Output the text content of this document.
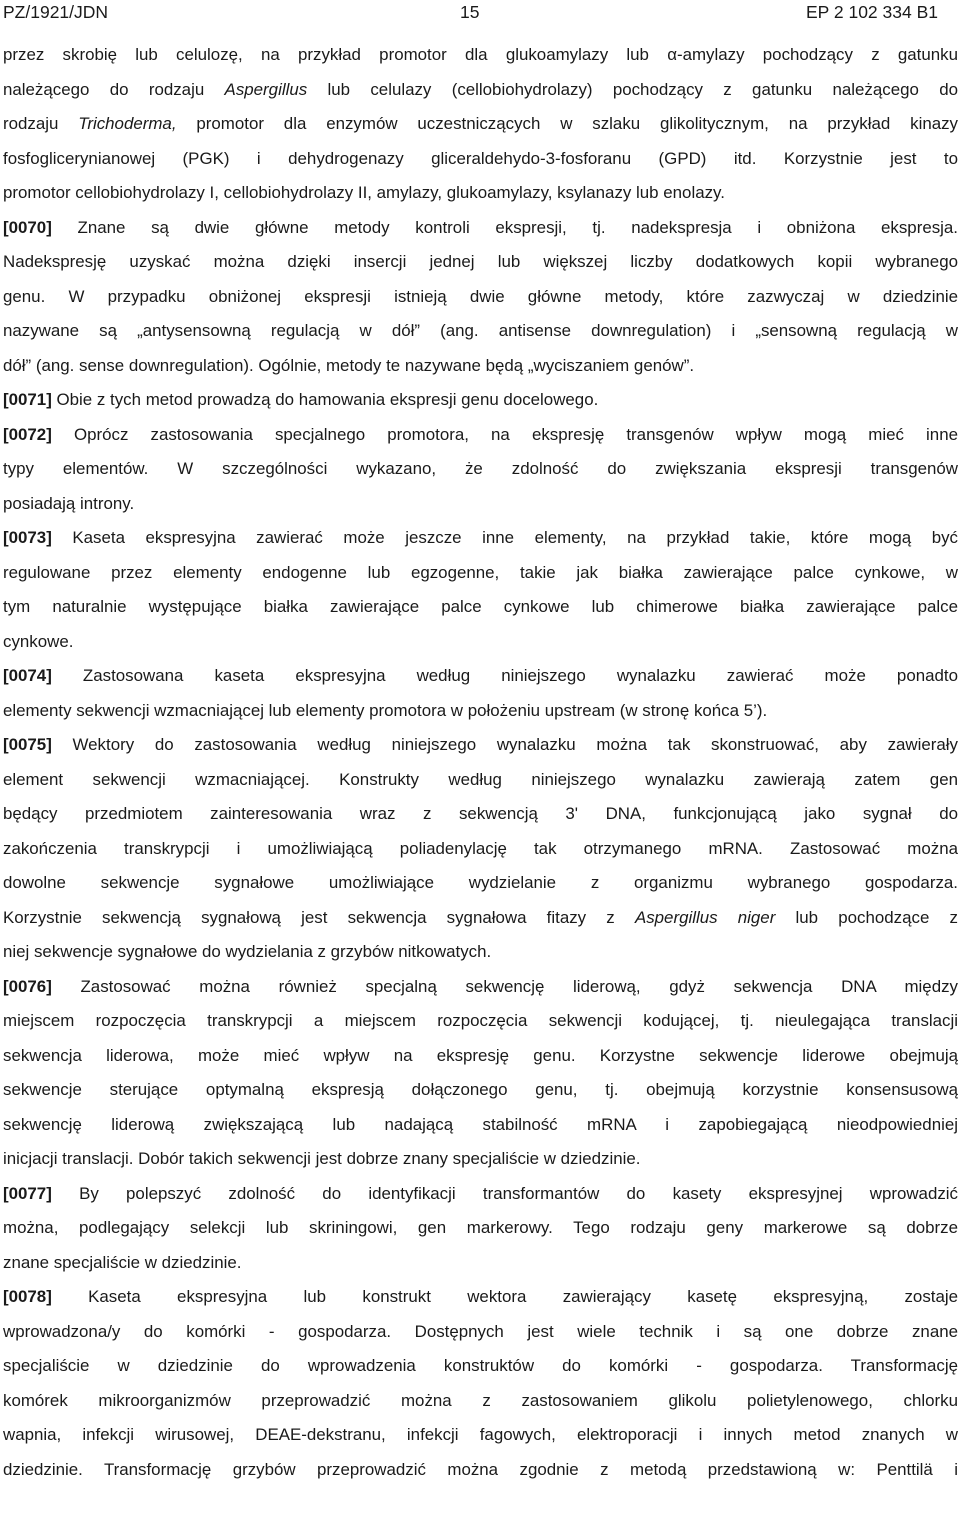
PZ/1921/JDN	15	EP 2 102 334 B1
przez skrobię lub celulozę, na przykład promotor dla glukoamylazy lub α-amylazy pochodzący z gatunku
należącego do rodzaju Aspergillus lub celulazy (cellobiohydrolazy) pochodzący z gatunku należącego do
rodzaju Trichoderma, promotor dla enzymów uczestniczących w szlaku glikolitycznym, na przykład kinazy
fosfoglicerynianowej (PGK) i dehydrogenazy gliceraldehydo-3-fosforanu (GPD) itd. Korzystnie jest to
promotor cellobiohydrolazy I, cellobiohydrolazy II, amylazy, glukoamylazy, ksylanazy lub enolazy.
[0070] Znane są dwie główne metody kontroli ekspresji, tj. nadekspresja i obniżona ekspresja.
Nadekspresję uzyskać można dzięki insercji jednej lub większej liczby dodatkowych kopii wybranego
genu. W przypadku obniżonej ekspresji istnieją dwie główne metody, które zazwyczaj w dziedzinie
nazywane są „antysensowną regulacją w dół” (ang. antisense downregulation) i „sensowną regulacją w
dół” (ang. sense downregulation). Ogólnie, metody te nazywane będą „wyciszaniem genów”.
[0071] Obie z tych metod prowadzą do hamowania ekspresji genu docelowego.
[0072] Oprócz zastosowania specjalnego promotora, na ekspresję transgenów wpływ mogą mieć inne
typy elementów. W szczególności wykazano, że zdolność do zwiększania ekspresji transgenów
posiadają introny.
[0073] Kaseta ekspresyjna zawierać może jeszcze inne elementy, na przykład takie, które mogą być
regulowane przez elementy endogenne lub egzogenne, takie jak białka zawierające palce cynkowe, w
tym naturalnie występujące białka zawierające palce cynkowe lub chimerowe białka zawierające palce
cynkowe.
[0074] Zastosowana kaseta ekspresyjna według niniejszego wynalazku zawierać może ponadto
elementy sekwencji wzmacniającej lub elementy promotora w położeniu upstream (w stronę końca 5’).
[0075] Wektory do zastosowania według niniejszego wynalazku można tak skonstruować, aby zawierały
element sekwencji wzmacniającej. Konstrukty według niniejszego wynalazku zawierają zatem gen
będący przedmiotem zainteresowania wraz z sekwencją 3' DNA, funkcjonującą jako sygnał do
zakończenia transkrypcji i umożliwiającą poliadenylację tak otrzymanego mRNA. Zastosować można
dowolne sekwencje sygnałowe umożliwiające wydzielanie z organizmu wybranego gospodarza.
Korzystnie sekwencją sygnałową jest sekwencja sygnałowa fitazy z Aspergillus niger lub pochodzące z
niej sekwencje sygnałowe do wydzielania z grzybów nitkowatych.
[0076] Zastosować można również specjalną sekwencję liderową, gdyż sekwencja DNA między
miejscem rozpoczęcia transkrypcji a miejscem rozpoczęcia sekwencji kodującej, tj. nieulegająca translacji
sekwencja liderowa, może mieć wpływ na ekspresję genu. Korzystne sekwencje liderowe obejmują
sekwencje sterujące optymalną ekspresją dołączonego genu, tj. obejmują korzystnie konsensusową
sekwencję liderową zwiększającą lub nadającą stabilność mRNA i zapobiegającą nieodpowiedniej
inicjacji translacji. Dobór takich sekwencji jest dobrze znany specjaliście w dziedzinie.
[0077] By polepszyć zdolność do identyfikacji transformantów do kasety ekspresyjnej wprowadzić
można, podlegający selekcji lub skriningowi, gen markerowy. Tego rodzaju geny markerowe są dobrze
znane specjaliście w dziedzinie.
[0078] Kaseta ekspresyjna lub konstrukt wektora zawierający kasetę ekspresyjną, zostaje
wprowadzona/y do komórki - gospodarza. Dostępnych jest wiele technik i są one dobrze znane
specjaliście w dziedzinie do wprowadzenia konstruktów do komórki - gospodarza. Transformację
komórek mikroorganizmów przeprowadzić można z zastosowaniem glikolu polietylenowego, chlorku
wapnia, infekcji wirusowej, DEAE-dekstranu, infekcji fagowych, elektroporacji i innych metod znanych w
dziedzinie. Transformację grzybów przeprowadzić można zgodnie z metodą przedstawioną w: Penttilä i
